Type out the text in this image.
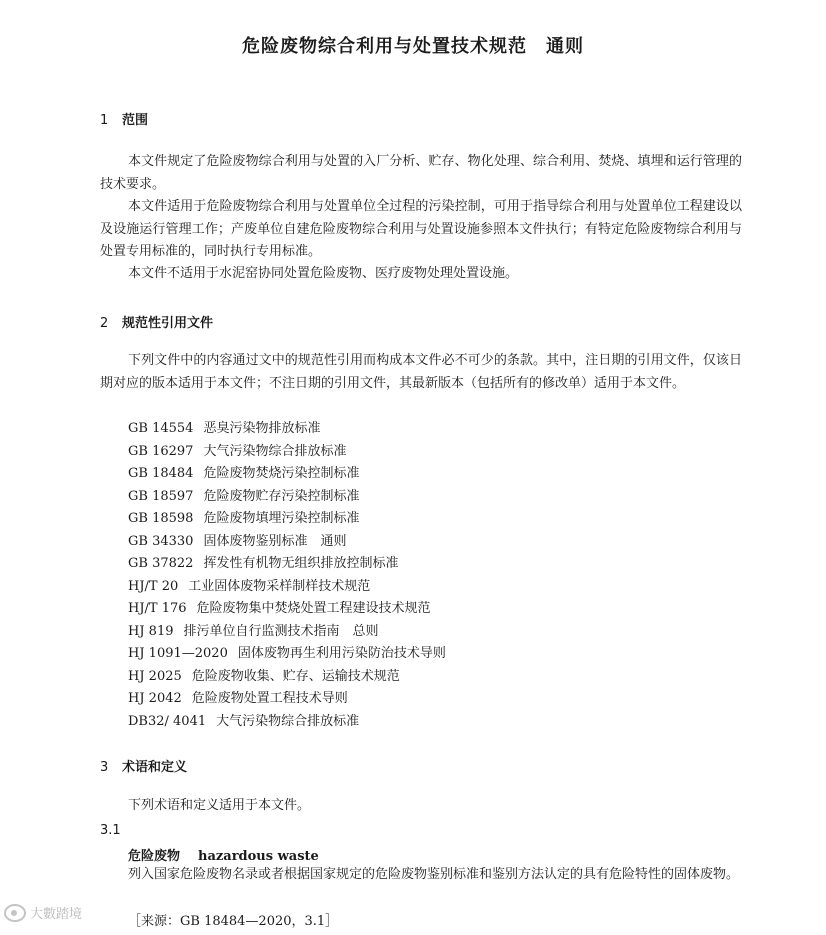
危险废物综合利用与处置技术规范　通则
1 范围

本文件规定了危险废物综合利用与处置的入厂分析、贮存、物化处理、综合利用、焚烧、填埋和运行管理的技术要求。

本文件适用于危险废物综合利用与处置单位全过程的污染控制，可用于指导综合利用与处置单位工程建设以及设施运行管理工作；产废单位自建危险废物综合利用与处置设施参照本文件执行；有特定危险废物综合利用与处置专用标准的，同时执行专用标准。

本文件不适用于水泥窑协同处置危险废物、医疗废物处理处置设施。

2 规范性引用文件

下列文件中的内容通过文中的规范性引用而构成本文件必不可少的条款。其中，注日期的引用文件，仅该日期对应的版本适用于本文件；不注日期的引用文件，其最新版本（包括所有的修改单）适用于本文件。

GB 14554 恶臭污染物排放标准
GB 16297 大气污染物综合排放标准
GB 18484 危险废物焚烧污染控制标准
GB 18597 危险废物贮存污染控制标准
GB 18598 危险废物填埋污染控制标准
GB 34330 固体废物鉴别标准　通则
GB 37822 挥发性有机物无组织排放控制标准
HJ/T 20 工业固体废物采样制样技术规范
HJ/T 176 危险废物集中焚烧处置工程建设技术规范
HJ 819 排污单位自行监测技术指南　总则
HJ 1091—2020 固体废物再生利用污染防治技术导则
HJ 2025 危险废物收集、贮存、运输技术规范
HJ 2042 危险废物处置工程技术导则
DB32/ 4041 大气污染物综合排放标准
3 术语和定义

下列术语和定义适用于本文件。

3.1
危险废物 hazardous waste

列入国家危险废物名录或者根据国家规定的危险废物鉴别标准和鉴别方法认定的具有危险特性的固体废物。

［来源：GB 18484—2020，3.1］
大數踏境
